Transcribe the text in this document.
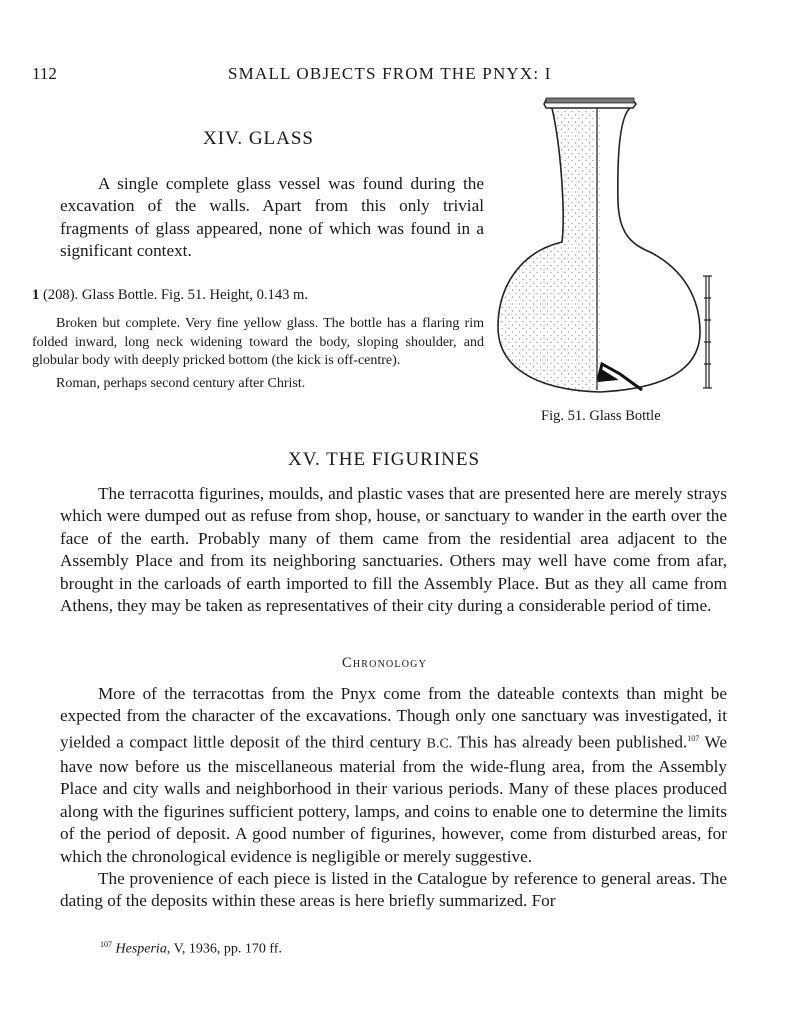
112	SMALL OBJECTS FROM THE PNYX: I
XIV. GLASS

A single complete glass vessel was found during the excavation of the walls. Apart from this only trivial fragments of glass appeared, none of which was found in a significant context.

1 (208). Glass Bottle. Fig. 51. Height, 0.143 m.

Broken but complete. Very fine yellow glass. The bottle has a flaring rim folded inward, long neck widening toward the body, sloping shoulder, and globular body with deeply pricked bottom (the kick is off-centre).

Roman, perhaps second century after Christ.

Fig. 51. Glass Bottle
XV. THE FIGURINES

The terracotta figurines, moulds, and plastic vases that are presented here are merely strays which were dumped out as refuse from shop, house, or sanctuary to wander in the earth over the face of the earth. Probably many of them came from the residential area adjacent to the Assembly Place and from its neighboring sanctuaries. Others may well have come from afar, brought in the carloads of earth imported to fill the Assembly Place. But as they all came from Athens, they may be taken as representatives of their city during a considerable period of time.

Chronology

More of the terracottas from the Pnyx come from the dateable contexts than might be expected from the character of the excavations. Though only one sanctuary was investigated, it yielded a compact little deposit of the third century B.C. This has already been published.$^{107}$ We have now before us the miscellaneous material from the wide-flung area, from the Assembly Place and city walls and neighborhood in their various periods. Many of these places produced along with the figurines sufficient pottery, lamps, and coins to enable one to determine the limits of the period of deposit. A good number of figurines, however, come from disturbed areas, for which the chronological evidence is negligible or merely suggestive.

The provenience of each piece is listed in the Catalogue by reference to general areas. The dating of the deposits within these areas is here briefly summarized. For

$^{107}$ Hesperia, V, 1936, pp. 170 ff.
